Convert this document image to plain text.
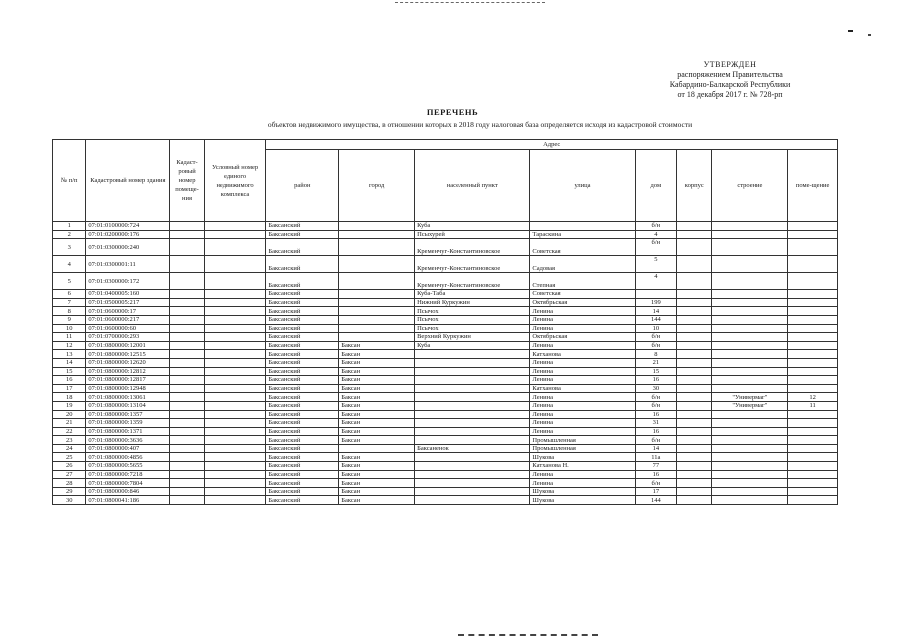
УТВЕРЖДЕН
распоряжением Правительства
Кабардино-Балкарской Республики
от 18 декабря 2017 г. № 728-рп
ПЕРЕЧЕНЬ
объектов недвижимого имущества, в отношении которых в 2018 году налоговая база определяется исходя из кадастровой стоимости
№ п/п	Кадастровый номер здания	Кадаст-ровый номер помеще-ния	Условный номер единого недвижимого комплекса	Адрес							
				район	город	населенный пункт	улица	дом	корпус	строение	поме-щение
1	07:01:0100000:724			Баксанский		Куба		б/н			
2	07:01:0200000:176			Баксанский		Псыхурей	Тараскина	4			
3	07:01:0300000:240			Баксанский		Кременчуг-Константиновское	Советская	б/н			
4	07:01:0300001:11			Баксанский		Кременчуг-Константиновское	Садовая	5			
5	07:01:0300000:172			Баксанский		Кременчуг-Константиновское	Степная	4			
6	07:01:0400005:160			Баксанский		Куба-Таба	Советская				
7	07:01:0500005:217			Баксанский		Нижний Куркужин	Октябрьская	199			
8	07:01:0600000:17			Баксанский		Псычох	Ленина	14			
9	07:01:0600000:217			Баксанский		Псычох	Ленина	144			
10	07:01:0600000:60			Баксанский		Псычох	Ленина	10			
11	07:01:0700000:293			Баксанский		Верхний Куркужин	Октябрьская	б/н			
12	07:01:0800000:12001			Баксанский	Баксан	Куба	Ленина	б/н			
13	07:01:0800000:12515			Баксанский	Баксан		Катханова	8			
14	07:01:0800000:12620			Баксанский	Баксан		Ленина	21			
15	07:01:0800000:12812			Баксанский	Баксан		Ленина	15			
16	07:01:0800000:12817			Баксанский	Баксан		Ленина	16			
17	07:01:0800000:12948			Баксанский	Баксан		Катханова	30			
18	07:01:0800000:13061			Баксанский	Баксан		Ленина	б/н		"Универмаг"	12
19	07:01:0800000:13104			Баксанский	Баксан		Ленина	б/н		"Универмаг"	11
20	07:01:0800000:1357			Баксанский	Баксан		Ленина	16			
21	07:01:0800000:1359			Баксанский	Баксан		Ленина	31			
22	07:01:0800000:1371			Баксанский	Баксан		Ленина	16			
23	07:01:0800000:3636			Баксанский	Баксан		Промышленная	б/н			
24	07:01:0800000:407			Баксанский		Баксаненок	Промышленная	14			
25	07:01:0800000:4856			Баксанский	Баксан		Шукова	11а			
26	07:01:0800000:5655			Баксанский	Баксан		Катханова Н.	77			
27	07:01:0800000:7218			Баксанский	Баксан		Ленина	16			
28	07:01:0800000:7804			Баксанский	Баксан		Ленина	б/н			
29	07:01:0800000:846			Баксанский	Баксан		Шукова	17			
30	07:01:0800041:186			Баксанский	Баксан		Шукова	144			
